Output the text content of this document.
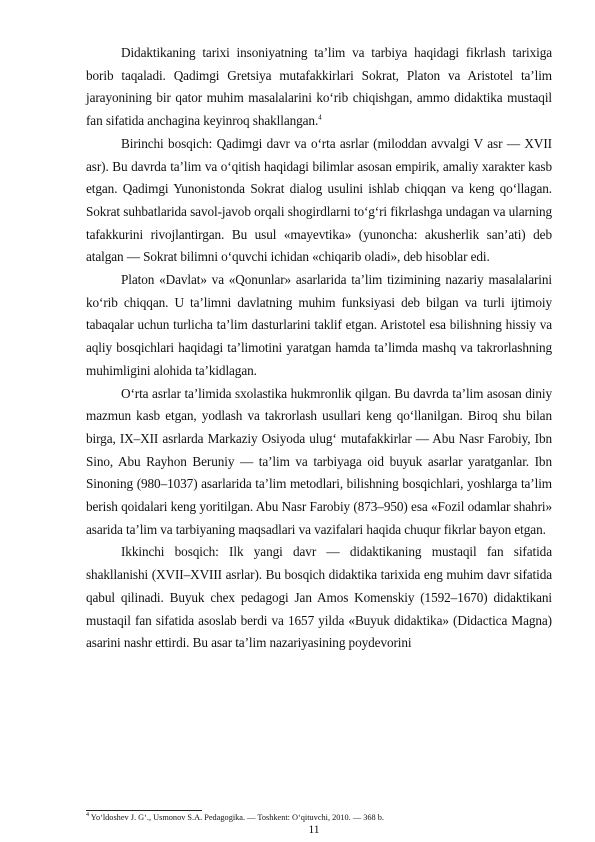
Didaktikaning tarixi insoniyatning ta’lim va tarbiya haqidagi fikrlash tarixiga borib taqaladi. Qadimgi Gretsiya mutafakkirlari Sokrat, Platon va Aristotel ta’lim jarayonining bir qator muhim masalalarini ko‘rib chiqishgan, ammo didaktika mustaqil fan sifatida anchagina keyinroq shakllangan.$^4$

Birinchi bosqich: Qadimgi davr va o‘rta asrlar (miloddan avvalgi V asr — XVII asr). Bu davrda ta’lim va o‘qitish haqidagi bilimlar asosan empirik, amaliy xarakter kasb etgan. Qadimgi Yunonistonda Sokrat dialog usulini ishlab chiqqan va keng qo‘llagan. Sokrat suhbatlarida savol-javob orqali shogirdlarni to‘g‘ri fikrlashga undagan va ularning tafakkurini rivojlantirgan. Bu usul «mayevtika» (yunoncha: akusherlik san’ati) deb atalgan — Sokrat bilimni o‘quvchi ichidan «chiqarib oladi», deb hisoblar edi.

Platon «Davlat» va «Qonunlar» asarlarida ta’lim tizimining nazariy masalalarini ko‘rib chiqqan. U ta’limni davlatning muhim funksiyasi deb bilgan va turli ijtimoiy tabaqalar uchun turlicha ta’lim dasturlarini taklif etgan. Aristotel esa bilishning hissiy va aqliy bosqichlari haqidagi ta’limotini yaratgan hamda ta’limda mashq va takrorlashning muhimligini alohida ta’kidlagan.

O‘rta asrlar ta’limida sxolastika hukmronlik qilgan. Bu davrda ta’lim asosan diniy mazmun kasb etgan, yodlash va takrorlash usullari keng qo‘llanilgan. Biroq shu bilan birga, IX–XII asrlarda Markaziy Osiyoda ulug‘ mutafakkirlar — Abu Nasr Farobiy, Ibn Sino, Abu Rayhon Beruniy — ta’lim va tarbiyaga oid buyuk asarlar yaratganlar. Ibn Sinoning (980–1037) asarlarida ta’lim metodlari, bilishning bosqichlari, yoshlarga ta’lim berish qoidalari keng yoritilgan. Abu Nasr Farobiy (873–950) esa «Fozil odamlar shahri» asarida ta’lim va tarbiyaning maqsadlari va vazifalari haqida chuqur fikrlar bayon etgan.

Ikkinchi bosqich: Ilk yangi davr — didaktikaning mustaqil fan sifatida shakllanishi (XVII–XVIII asrlar). Bu bosqich didaktika tarixida eng muhim davr sifatida qabul qilinadi. Buyuk chex pedagogi Jan Amos Komenskiy (1592–1670) didaktikani mustaqil fan sifatida asoslab berdi va 1657 yilda «Buyuk didaktika» (Didactica Magna) asarini nashr ettirdi. Bu asar ta’lim nazariyasining poydevorini

$^4$ Yo‘ldoshev J. G‘., Usmonov S.A. Pedagogika. — Toshkent: O‘qituvchi, 2010. — 368 b.
11
